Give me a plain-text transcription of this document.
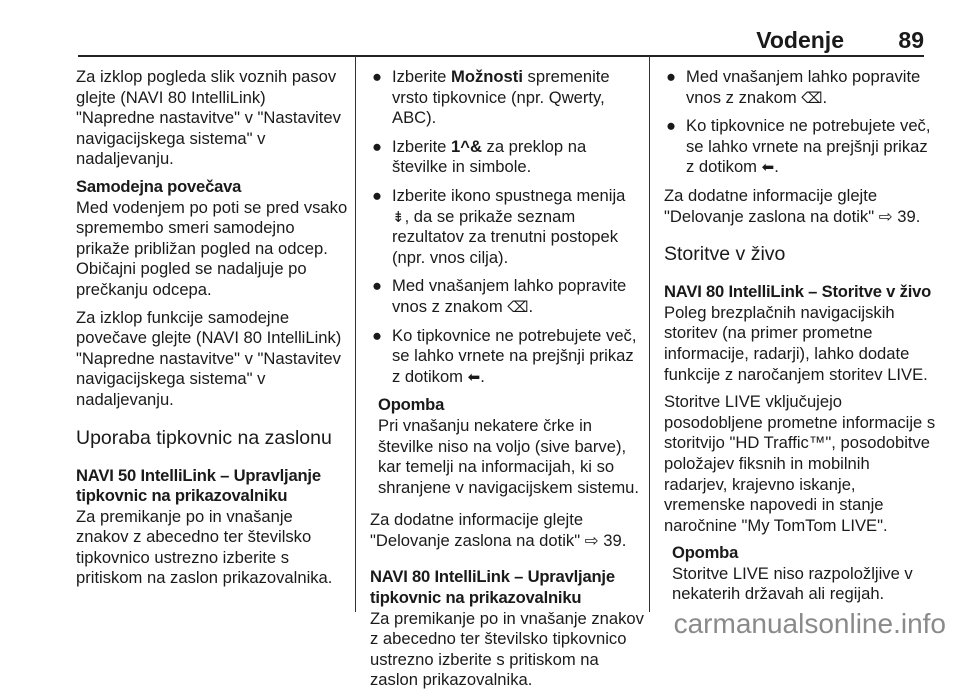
Vodenje 89

Za izklop pogleda slik voznih pasov glejte (NAVI 80 IntelliLink) "Napredne nastavitve" v "Nastavitev navigacijskega sistema" v nadaljevanju.

Samodejna povečava

Med vodenjem po poti se pred vsako spremembo smeri samodejno prikaže približan pogled na odcep. Običajni pogled se nadaljuje po prečkanju odcepa.

Za izklop funkcije samodejne povečave glejte (NAVI 80 IntelliLink) "Napredne nastavitve" v "Nastavitev navigacijskega sistema" v nadaljevanju.

Uporaba tipkovnic na zaslonu

NAVI 50 IntelliLink – Upravljanje tipkovnic na prikazovalniku

Za premikanje po in vnašanje znakov z abecedno ter številsko tipkovnico ustrezno izberite s pritiskom na zaslon prikazovalnika.

● Izberite Možnosti spremenite vrsto tipkovnice (npr. Qwerty, ABC).
● Izberite 1^& za preklop na številke in simbole.
● Izberite ikono spustnega menija ⇟, da se prikaže seznam rezultatov za trenutni postopek (npr. vnos cilja).
● Med vnašanjem lahko popravite vnos z znakom ⌫.
● Ko tipkovnice ne potrebujete več, se lahko vrnete na prejšnji prikaz z dotikom ⬅.

Opomba

Pri vnašanju nekatere črke in številke niso na voljo (sive barve), kar temelji na informacijah, ki so shranjene v navigacijskem sistemu.

Za dodatne informacije glejte "Delovanje zaslona na dotik" ⇨ 39.

NAVI 80 IntelliLink – Upravljanje tipkovnic na prikazovalniku

Za premikanje po in vnašanje znakov z abecedno ter številsko tipkovnico ustrezno izberite s pritiskom na zaslon prikazovalnika.

● Med vnašanjem lahko popravite vnos z znakom ⌫.
● Ko tipkovnice ne potrebujete več, se lahko vrnete na prejšnji prikaz z dotikom ⬅.

Za dodatne informacije glejte "Delovanje zaslona na dotik" ⇨ 39.

Storitve v živo

NAVI 80 IntelliLink – Storitve v živo

Poleg brezplačnih navigacijskih storitev (na primer prometne informacije, radarji), lahko dodate funkcije z naročanjem storitev LIVE.

Storitve LIVE vključujejo posodobljene prometne informacije s storitvijo "HD Traffic™", posodobitve položajev fiksnih in mobilnih radarjev, krajevno iskanje, vremenske napovedi in stanje naročnine "My TomTom LIVE".

Opomba

Storitve LIVE niso razpoložljive v nekaterih državah ali regijah.

carmanualsonline.info
